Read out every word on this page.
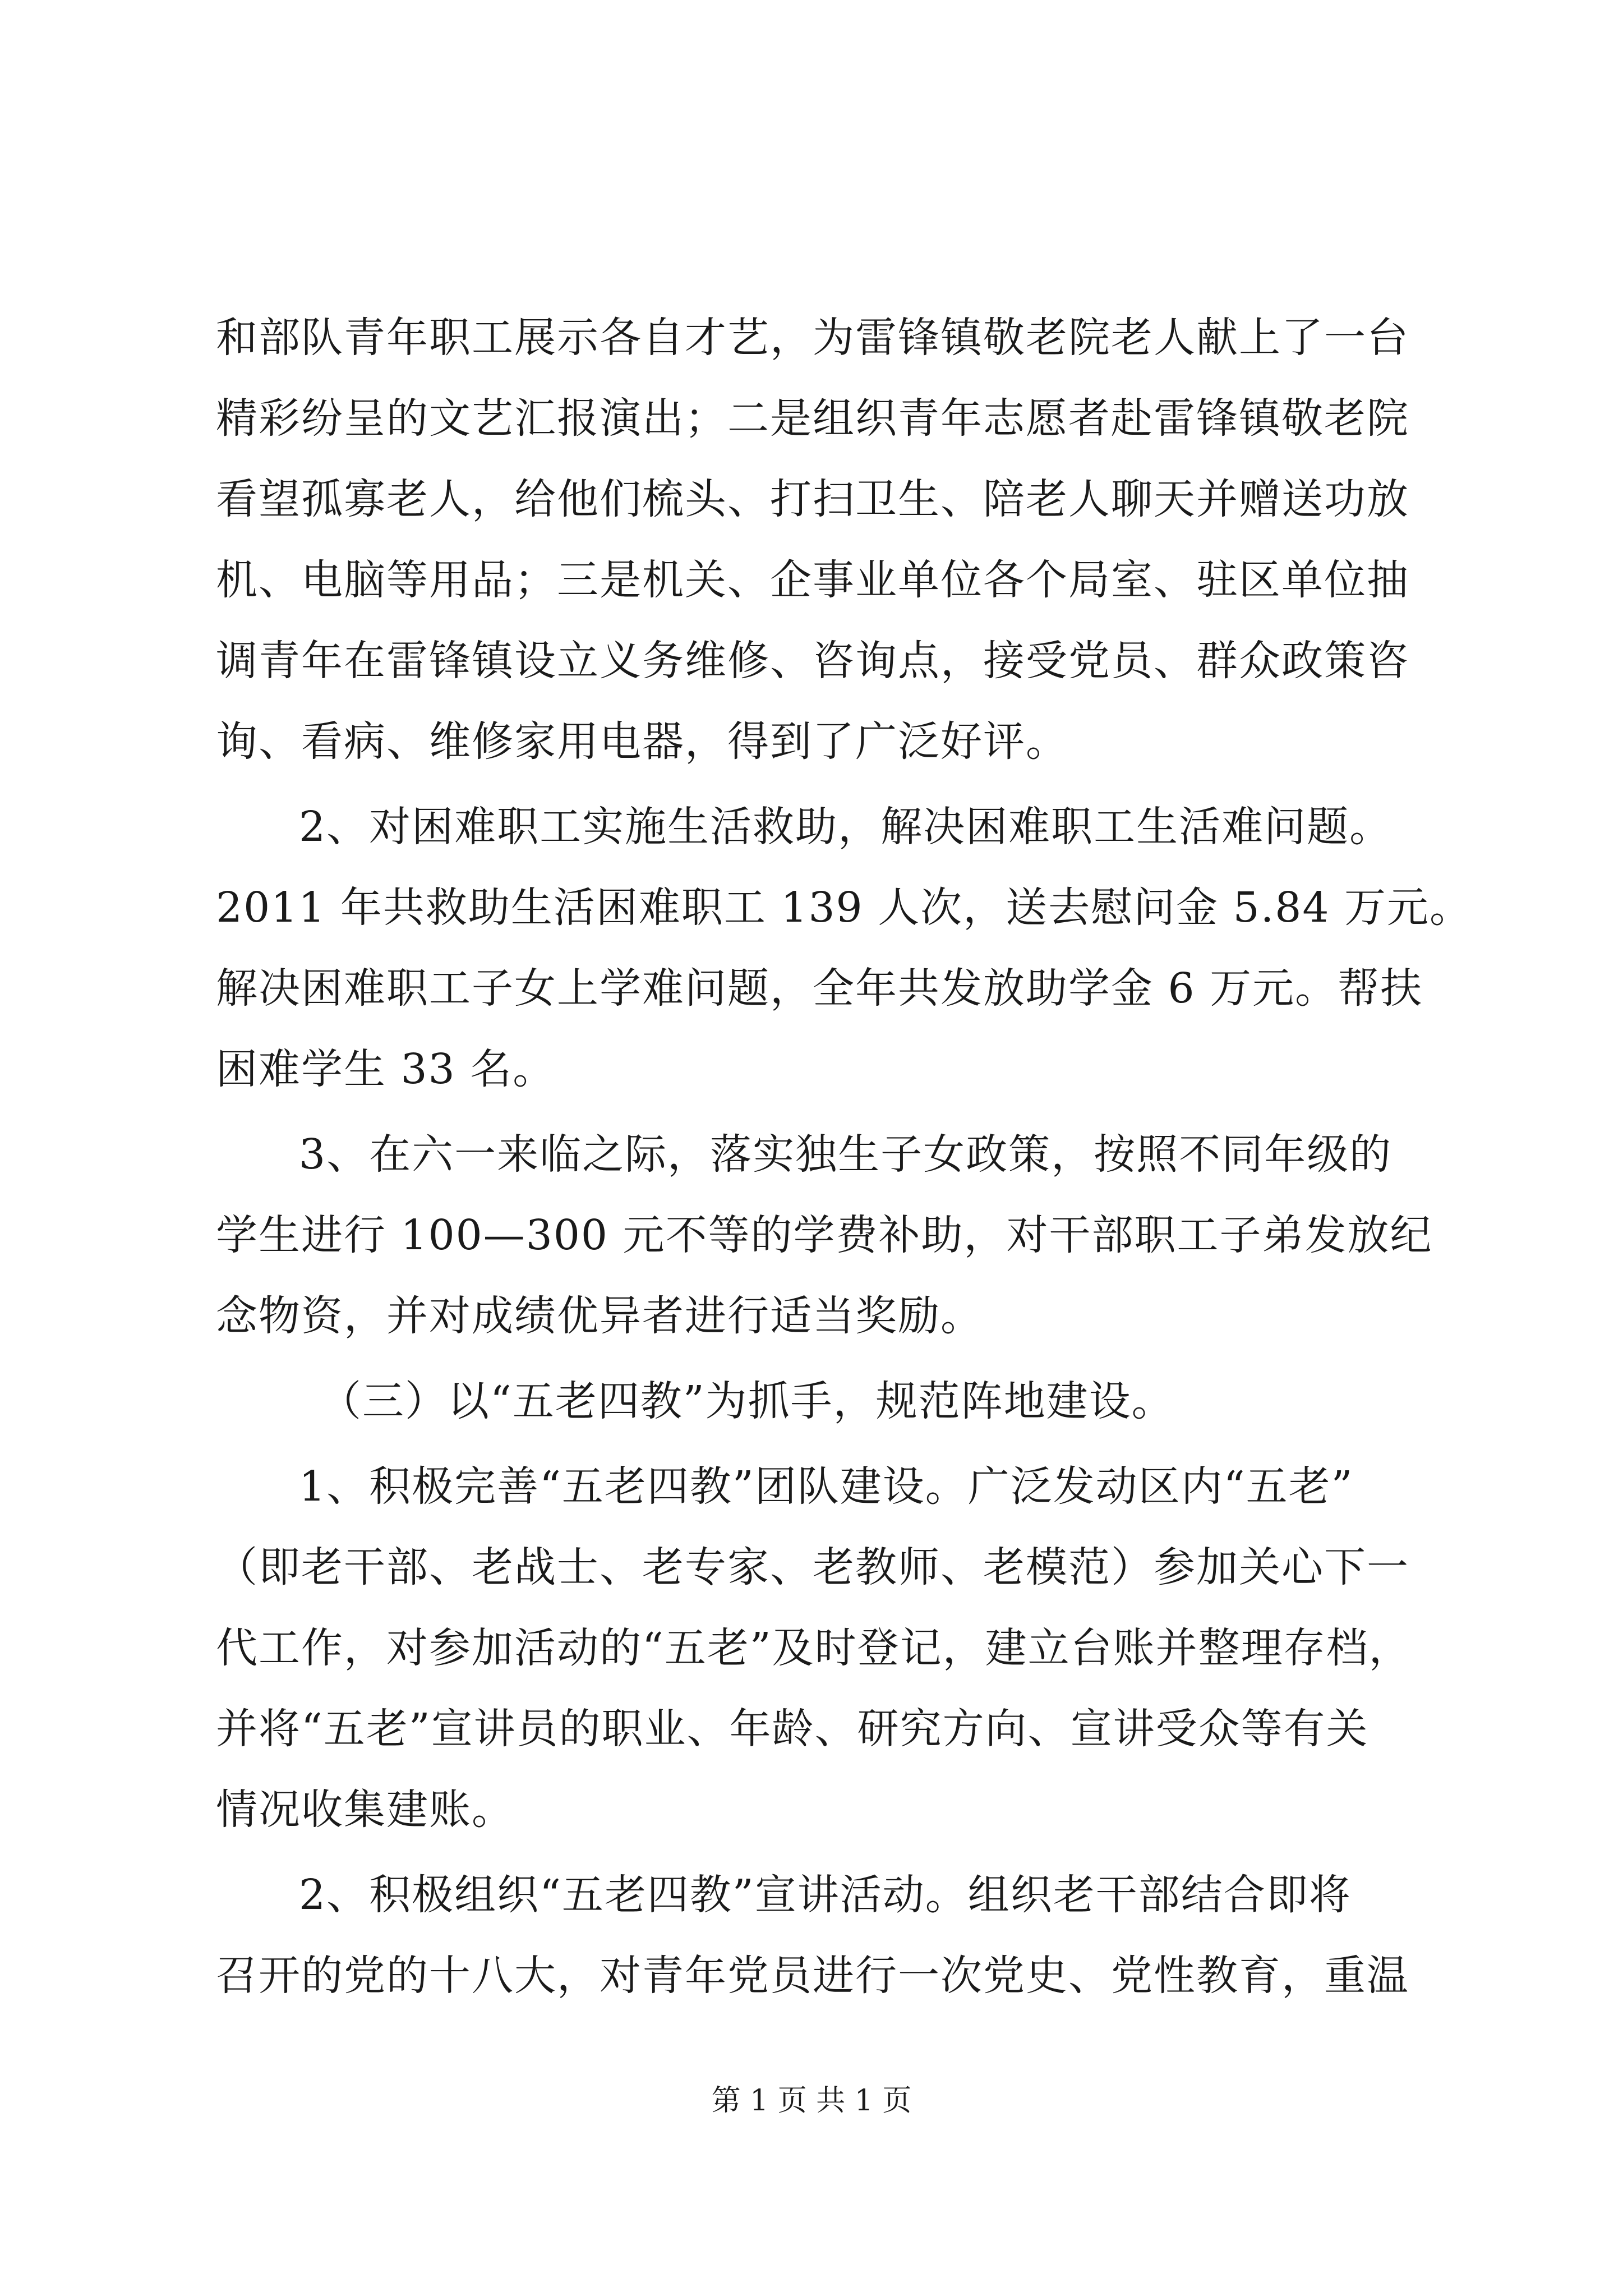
和部队青年职工展示各自才艺，为雷锋镇敬老院老人献上了一台
精彩纷呈的文艺汇报演出；二是组织青年志愿者赴雷锋镇敬老院
看望孤寡老人，给他们梳头、打扫卫生、陪老人聊天并赠送功放
机、电脑等用品；三是机关、企事业单位各个局室、驻区单位抽
调青年在雷锋镇设立义务维修、咨询点，接受党员、群众政策咨
询、看病、维修家用电器，得到了广泛好评。
2、对困难职工实施生活救助，解决困难职工生活难问题。
2011 年共救助生活困难职工 139 人次，送去慰问金 5.84 万元。
解决困难职工子女上学难问题，全年共发放助学金 6 万元。帮扶
困难学生 33 名。
3、在六一来临之际，落实独生子女政策，按照不同年级的
学生进行 100—300 元不等的学费补助，对干部职工子弟发放纪
念物资，并对成绩优异者进行适当奖励。
（三）以“五老四教”为抓手，规范阵地建设。
1、积极完善“五老四教”团队建设。广泛发动区内“五老”
（即老干部、老战士、老专家、老教师、老模范）参加关心下一
代工作，对参加活动的“五老”及时登记，建立台账并整理存档，
并将“五老”宣讲员的职业、年龄、研究方向、宣讲受众等有关
情况收集建账。
2、积极组织“五老四教”宣讲活动。组织老干部结合即将
召开的党的十八大，对青年党员进行一次党史、党性教育，重温
第 1 页 共 1 页
